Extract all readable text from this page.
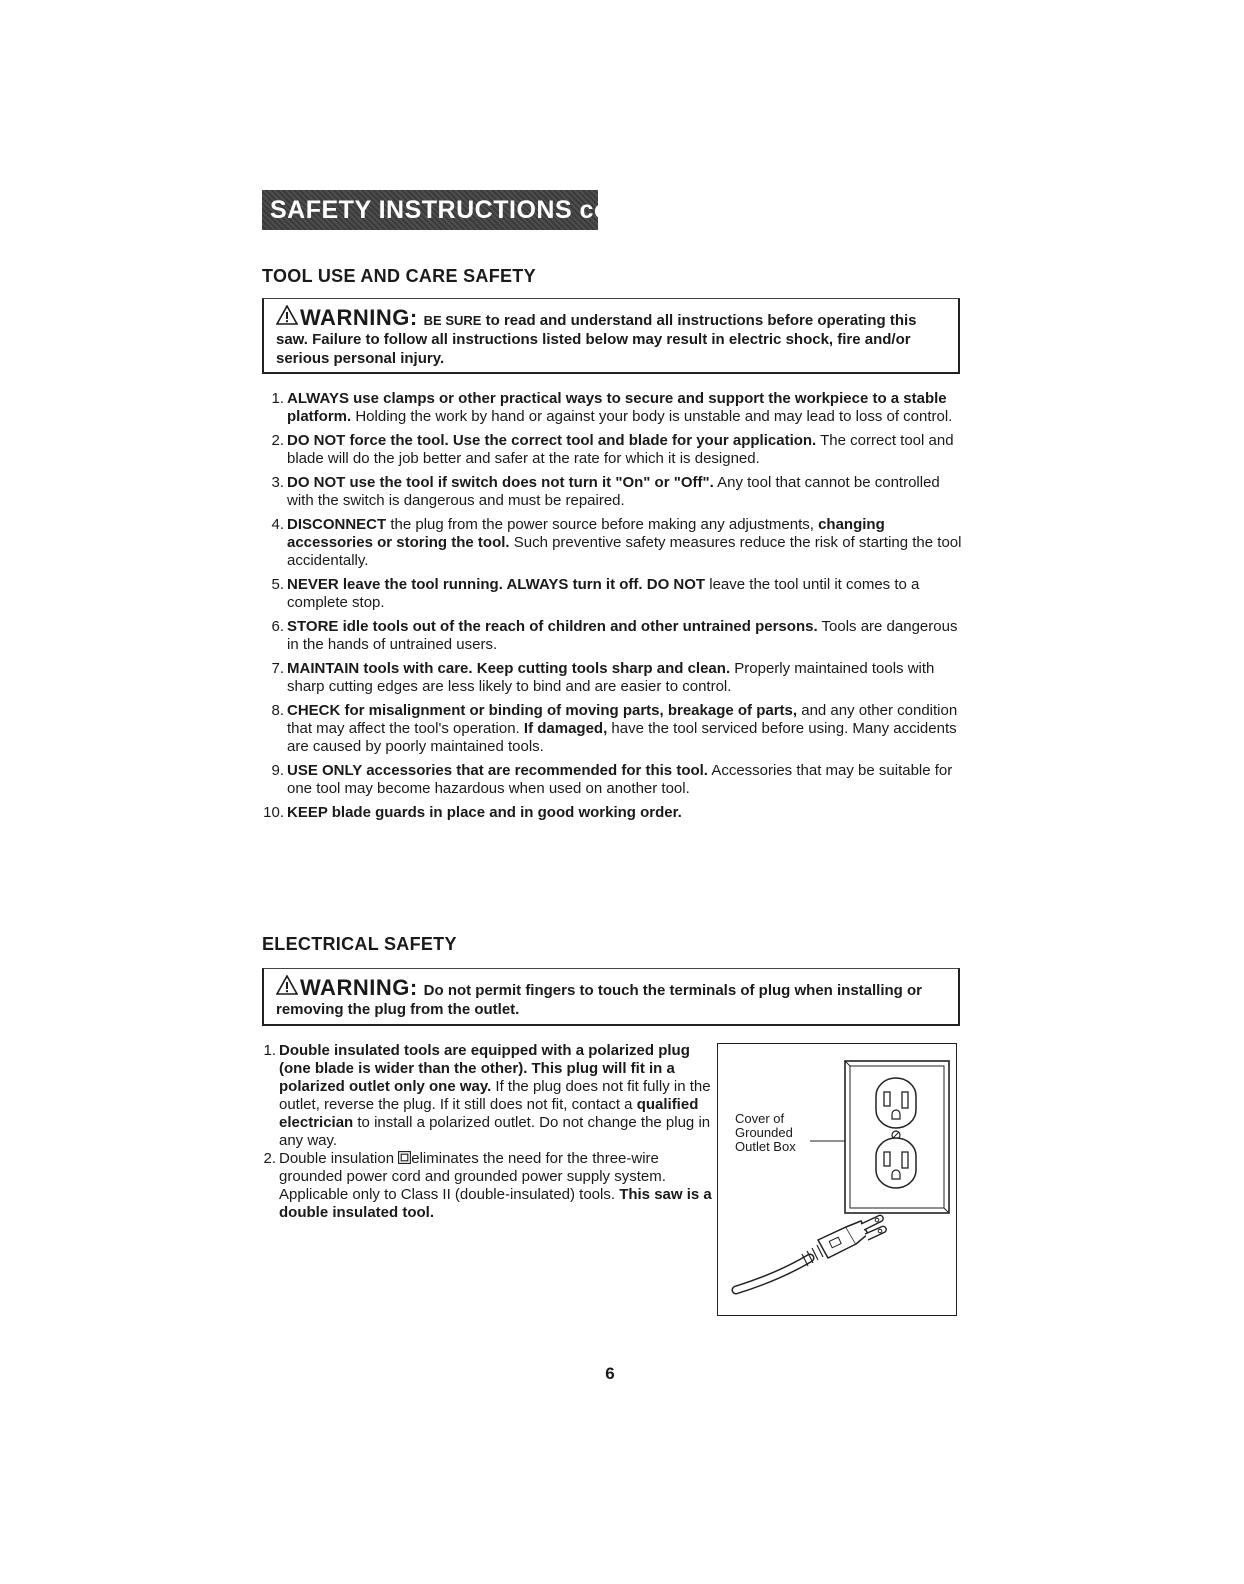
SAFETY INSTRUCTIONS cont.
TOOL USE AND CARE SAFETY
WARNING: BE SURE to read and understand all instructions before operating this saw. Failure to follow all instructions listed below may result in electric shock, fire and/or serious personal injury.
1. ALWAYS use clamps or other practical ways to secure and support the workpiece to a stable platform. Holding the work by hand or against your body is unstable and may lead to loss of control.
2. DO NOT force the tool. Use the correct tool and blade for your application. The correct tool and blade will do the job better and safer at the rate for which it is designed.
3. DO NOT use the tool if switch does not turn it "On" or "Off". Any tool that cannot be controlled with the switch is dangerous and must be repaired.
4. DISCONNECT the plug from the power source before making any adjustments, changing accessories or storing the tool. Such preventive safety measures reduce the risk of starting the tool accidentally.
5. NEVER leave the tool running. ALWAYS turn it off. DO NOT leave the tool until it comes to a complete stop.
6. STORE idle tools out of the reach of children and other untrained persons. Tools are dangerous in the hands of untrained users.
7. MAINTAIN tools with care. Keep cutting tools sharp and clean. Properly maintained tools with sharp cutting edges are less likely to bind and are easier to control.
8. CHECK for misalignment or binding of moving parts, breakage of parts, and any other condition that may affect the tool's operation. If damaged, have the tool serviced before using. Many accidents are caused by poorly maintained tools.
9. USE ONLY accessories that are recommended for this tool. Accessories that may be suitable for one tool may become hazardous when used on another tool.
10. KEEP blade guards in place and in good working order.
ELECTRICAL SAFETY
WARNING: Do not permit fingers to touch the terminals of plug when installing or removing the plug from the outlet.
1. Double insulated tools are equipped with a polarized plug (one blade is wider than the other). This plug will fit in a polarized outlet only one way. If the plug does not fit fully in the outlet, reverse the plug. If it still does not fit, contact a qualified electrician to install a polarized outlet. Do not change the plug in any way.
2. Double insulation eliminates the need for the three-wire grounded power cord and grounded power supply system. Applicable only to Class II (double-insulated) tools. This saw is a double insulated tool.
Cover of Grounded Outlet Box
6
